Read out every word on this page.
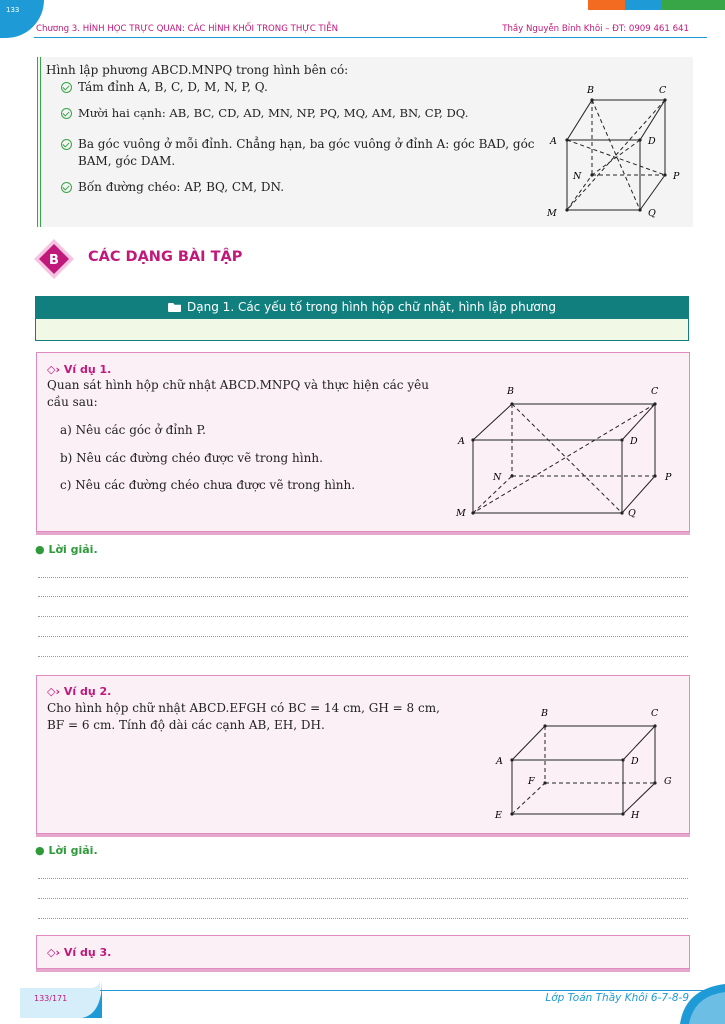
133
Chương 3. HÌNH HỌC TRỰC QUAN: CÁC HÌNH KHỐI TRONG THỰC TIỄN	Thầy Nguyễn Bỉnh Khôi – ĐT: 0909 461 641
Hình lập phương ABCD.MNPQ trong hình bên có:
Tám đỉnh A, B, C, D, M, N, P, Q.
Mười hai cạnh: AB, BC, CD, AD, MN, NP, PQ, MQ, AM, BN, CP, DQ.
Ba góc vuông ở mỗi đỉnh. Chẳng hạn, ba góc vuông ở đỉnh A: góc BAD, góc
BAM, góc DAM.
Bốn đường chéo: AP, BQ, CM, DN.
B	C
A	D
N	P
M	Q
B CÁC DẠNG BÀI TẬP
Dạng 1. Các yếu tố trong hình hộp chữ nhật, hình lập phương
◇› Ví dụ 1.
Quan sát hình hộp chữ nhật ABCD.MNPQ và thực hiện các yêu
cầu sau:
a) Nêu các góc ở đỉnh P.
b) Nêu các đường chéo được vẽ trong hình.
c) Nêu các đường chéo chưa được vẽ trong hình.
B	C
A	D
N	P
M	Q
● Lời giải.
◇› Ví dụ 2.
Cho hình hộp chữ nhật ABCD.EFGH có BC = 14 cm, GH = 8 cm,
BF = 6 cm. Tính độ dài các cạnh AB, EH, DH.
B	C
A	D
F	G
E	H
● Lời giải.
◇› Ví dụ 3.
133/171	Lớp Toán Thầy Khôi 6-7-8-9
